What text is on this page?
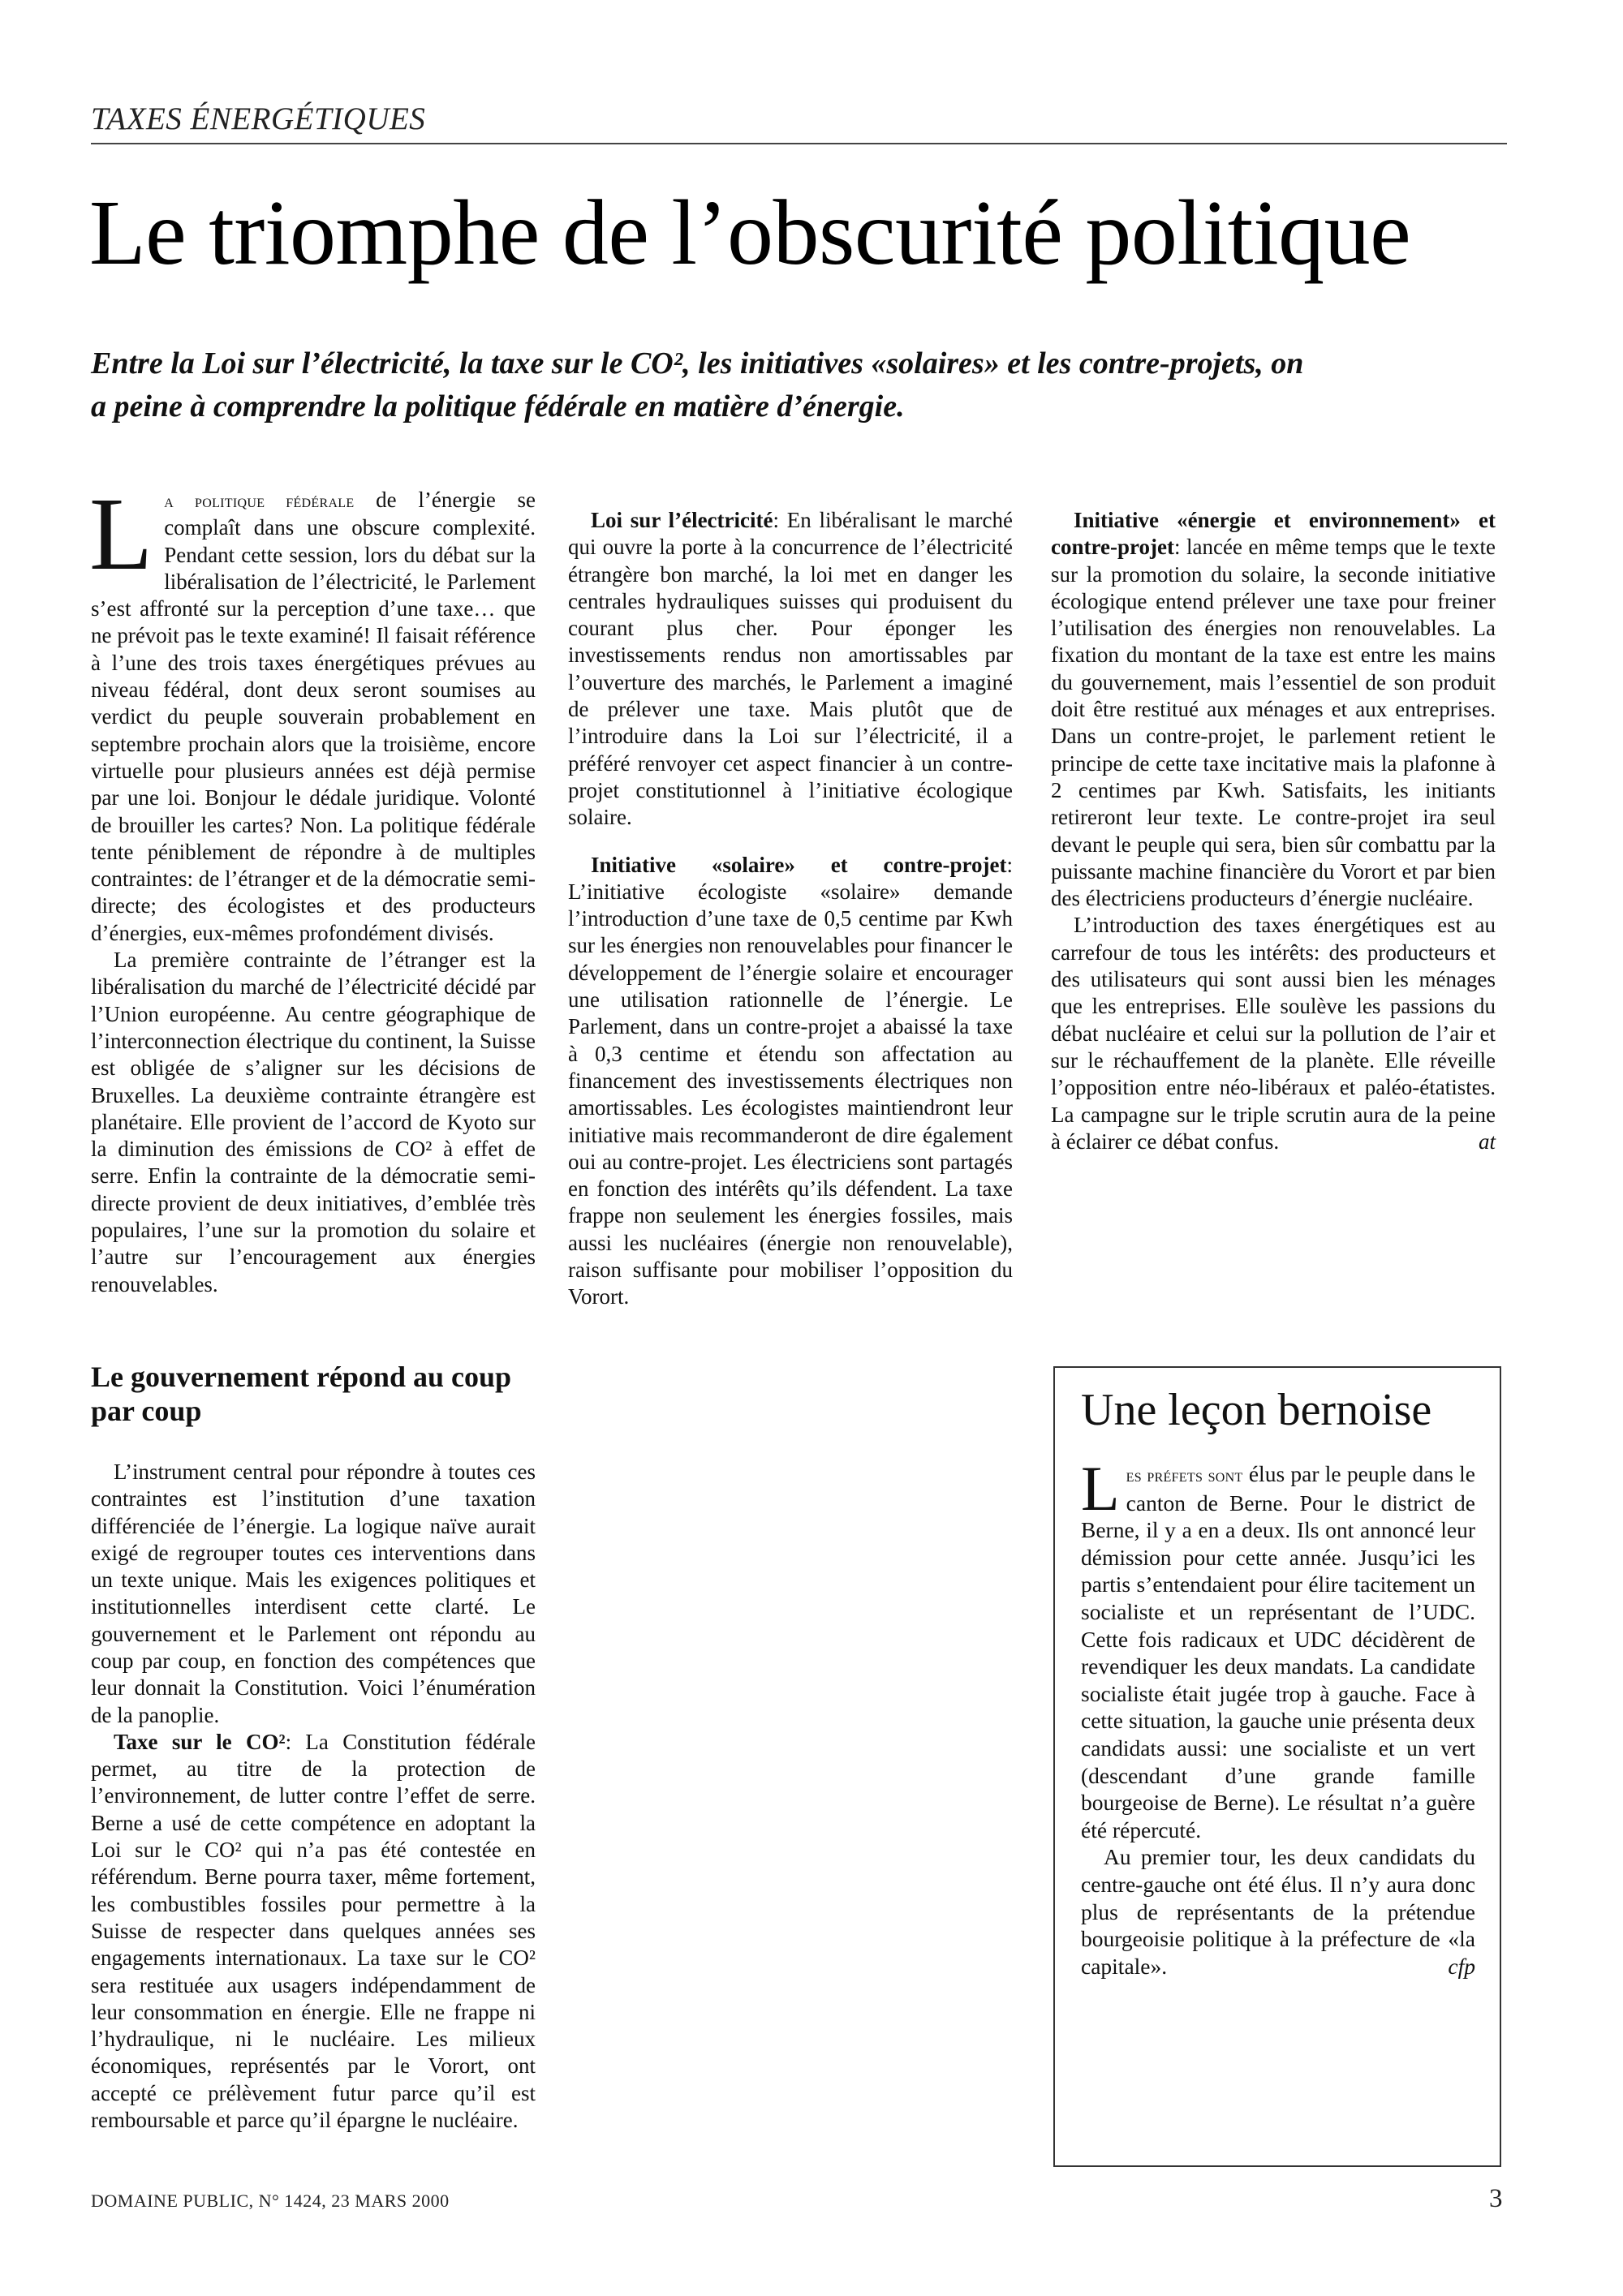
TAXES ÉNERGÉTIQUES
Le triomphe de l’obscurité politique

Entre la Loi sur l’électricité, la taxe sur le CO², les initiatives «solaires» et les contre-projets, on a peine à comprendre la politique fédérale en matière d’énergie.

La politique fédérale de l’énergie se complaît dans une obscure complexité. Pendant cette session, lors du débat sur la libéralisation de l’électricité, le Parlement s’est affronté sur la perception d’une taxe… que ne prévoit pas le texte examiné! Il faisait référence à l’une des trois taxes énergétiques prévues au niveau fédéral, dont deux seront soumises au verdict du peuple souverain probablement en septembre prochain alors que la troisième, encore virtuelle pour plusieurs années est déjà permise par une loi. Bonjour le dédale juridique. Volonté de brouiller les cartes? Non. La politique fédérale tente péniblement de répondre à de multiples contraintes: de l’étranger et de la démocratie semi-directe; des écologistes et des producteurs d’énergies, eux-mêmes profondément divisés.

La première contrainte de l’étranger est la libéralisation du marché de l’électricité décidé par l’Union européenne. Au centre géographique de l’interconnection électrique du continent, la Suisse est obligée de s’aligner sur les décisions de Bruxelles. La deuxième contrainte étrangère est planétaire. Elle provient de l’accord de Kyoto sur la diminution des émissions de CO² à effet de serre. Enfin la contrainte de la démocratie semi-directe provient de deux initiatives, d’emblée très populaires, l’une sur la promotion du solaire et l’autre sur l’encouragement aux énergies renouvelables.

Le gouvernement répond au coup par coup

L’instrument central pour répondre à toutes ces contraintes est l’institution d’une taxation différenciée de l’énergie. La logique naïve aurait exigé de regrouper toutes ces interventions dans un texte unique. Mais les exigences politiques et institutionnelles interdisent cette clarté. Le gouvernement et le Parlement ont répondu au coup par coup, en fonction des compétences que leur donnait la Constitution. Voici l’énumération de la panoplie.

Taxe sur le CO²: La Constitution fédérale permet, au titre de la protection de l’environnement, de lutter contre l’effet de serre. Berne a usé de cette compétence en adoptant la Loi sur le CO² qui n’a pas été contestée en référendum. Berne pourra taxer, même fortement, les combustibles fossiles pour permettre à la Suisse de respecter dans quelques années ses engagements internationaux. La taxe sur le CO² sera restituée aux usagers indépendamment de leur consommation en énergie. Elle ne frappe ni l’hydraulique, ni le nucléaire. Les milieux économiques, représentés par le Vorort, ont accepté ce prélèvement futur parce qu’il est remboursable et parce qu’il épargne le nucléaire.

Loi sur l’électricité: En libéralisant le marché qui ouvre la porte à la concurrence de l’électricité étrangère bon marché, la loi met en danger les centrales hydrauliques suisses qui produisent du courant plus cher. Pour éponger les investissements rendus non amortissables par l’ouverture des marchés, le Parlement a imaginé de prélever une taxe. Mais plutôt que de l’introduire dans la Loi sur l’électricité, il a préféré renvoyer cet aspect financier à un contre-projet constitutionnel à l’initiative écologique solaire.

Initiative «solaire» et contre-projet: L’initiative écologiste «solaire» demande l’introduction d’une taxe de 0,5 centime par Kwh sur les énergies non renouvelables pour financer le développement de l’énergie solaire et encourager une utilisation rationnelle de l’énergie. Le Parlement, dans un contre-projet a abaissé la taxe à 0,3 centime et étendu son affectation au financement des investissements électriques non amortissables. Les écologistes maintiendront leur initiative mais recommanderont de dire également oui au contre-projet. Les électriciens sont partagés en fonction des intérêts qu’ils défendent. La taxe frappe non seulement les énergies fossiles, mais aussi les nucléaires (énergie non renouvelable), raison suffisante pour mobiliser l’opposition du Vorort.

Initiative «énergie et environnement» et contre-projet: lancée en même temps que le texte sur la promotion du solaire, la seconde initiative écologique entend prélever une taxe pour freiner l’utilisation des énergies non renouvelables. La fixation du montant de la taxe est entre les mains du gouvernement, mais l’essentiel de son produit doit être restitué aux ménages et aux entreprises. Dans un contre-projet, le parlement retient le principe de cette taxe incitative mais la plafonne à 2 centimes par Kwh. Satisfaits, les initiants retireront leur texte. Le contre-projet ira seul devant le peuple qui sera, bien sûr combattu par la puissante machine financière du Vorort et par bien des électriciens producteurs d’énergie nucléaire.

L’introduction des taxes énergétiques est au carrefour de tous les intérêts: des producteurs et des utilisateurs qui sont aussi bien les ménages que les entreprises. Elle soulève les passions du débat nucléaire et celui sur la pollution de l’air et sur le réchauffement de la planète. Elle réveille l’opposition entre néo-libéraux et paléo-étatistes. La campagne sur le triple scrutin aura de la peine à éclairer ce débat confus.	at

Une leçon bernoise

Les préfets sont élus par le peuple dans le canton de Berne. Pour le district de Berne, il y a en a deux. Ils ont annoncé leur démission pour cette année. Jusqu’ici les partis s’entendaient pour élire tacitement un socialiste et un représentant de l’UDC. Cette fois radicaux et UDC décidèrent de revendiquer les deux mandats. La candidate socialiste était jugée trop à gauche. Face à cette situation, la gauche unie présenta deux candidats aussi: une socialiste et un vert (descendant d’une grande famille bourgeoise de Berne). Le résultat n’a guère été répercuté.

Au premier tour, les deux candidats du centre-gauche ont été élus. Il n’y aura donc plus de représentants de la prétendue bourgeoisie politique à la préfecture de «la capitale».	cfp

DOMAINE PUBLIC, N° 1424, 23 MARS 2000	3
